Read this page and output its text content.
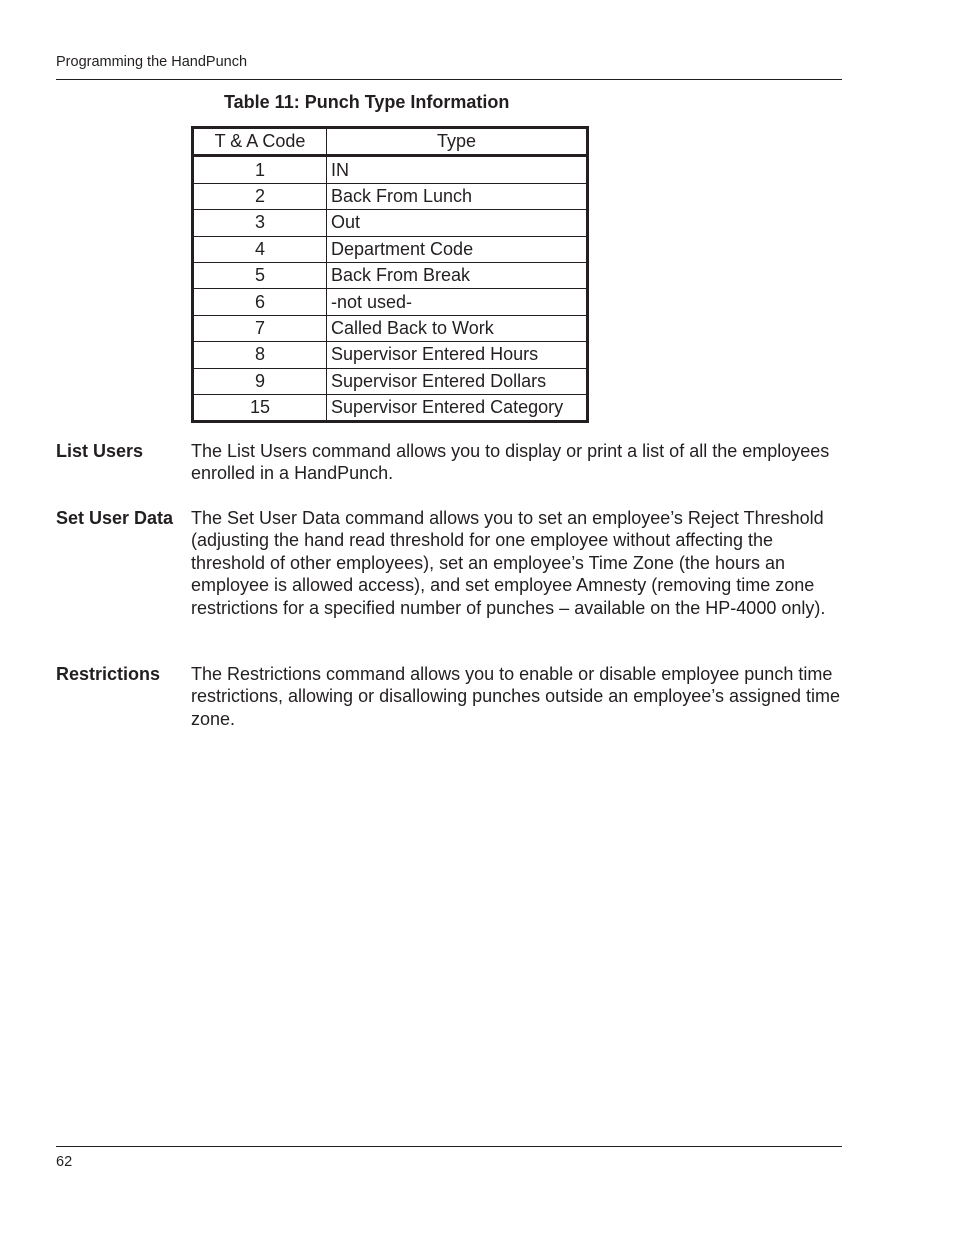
Programming the HandPunch
Table 11: Punch Type Information
T & A Code	Type
1	IN
2	Back From Lunch
3	Out
4	Department Code
5	Back From Break
6	-not used-
7	Called Back to Work
8	Supervisor Entered Hours
9	Supervisor Entered Dollars
15	Supervisor Entered Category
List Users	The List Users command allows you to display or print a list of all the employees enrolled in a HandPunch.

Set User Data The Set User Data command allows you to set an employee’s Reject Threshold (adjusting the hand read threshold for one employee without affecting the threshold of other employees), set an employee’s Time Zone (the hours an employee is allowed access), and set employee Amnesty (removing time zone restrictions for a specified number of punches – available on the HP-4000 only).

Restrictions	The Restrictions command allows you to enable or disable employee punch time restrictions, allowing or disallowing punches outside an employee’s assigned time zone.

62
